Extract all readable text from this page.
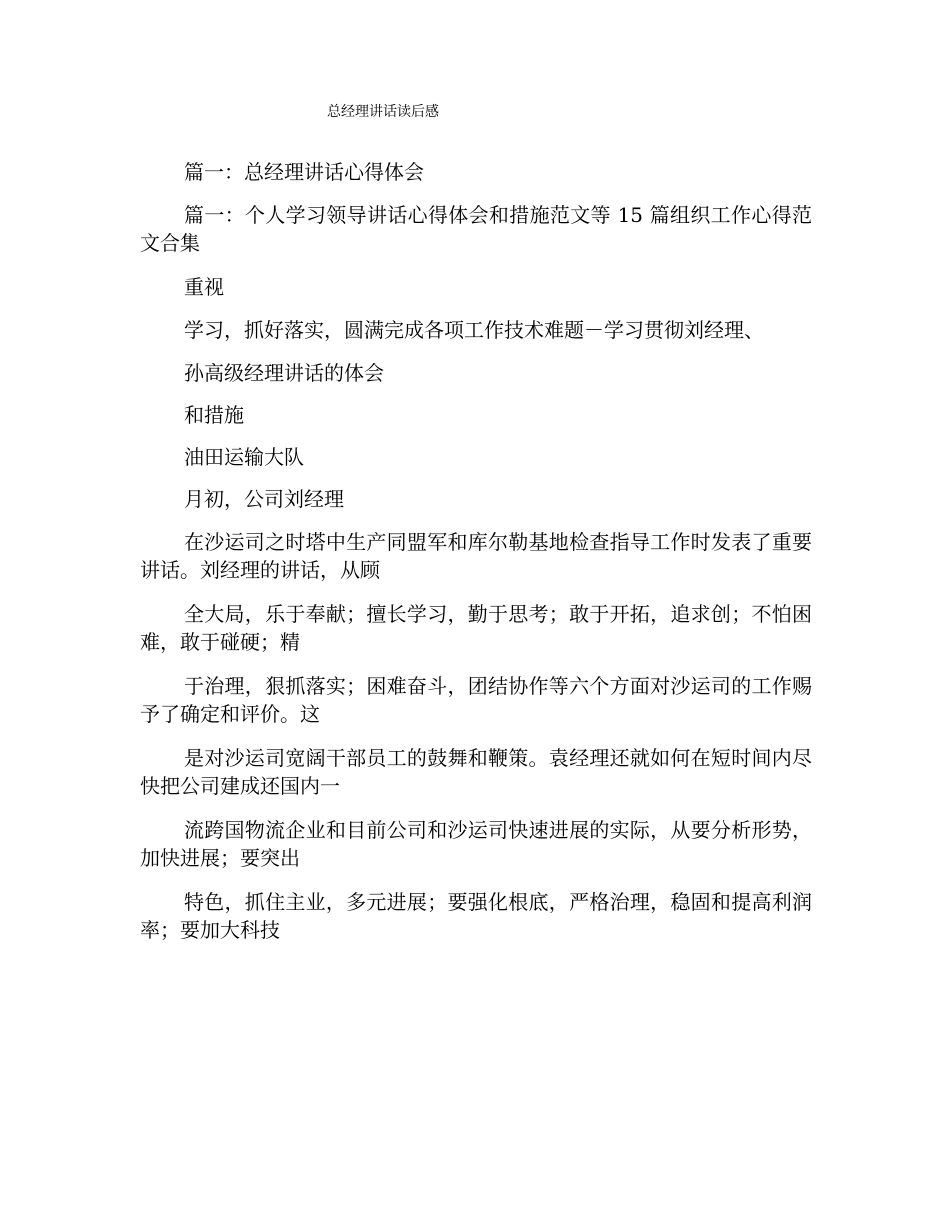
总经理讲话读后感

篇一：总经理讲话心得体会

篇一：个人学习领导讲话心得体会和措施范文等 15 篇组织工作心得范文合集

重视

学习，抓好落实，圆满完成各项工作技术难题－学习贯彻刘经理、

孙高级经理讲话的体会

和措施

油田运输大队

月初，公司刘经理

在沙运司之时塔中生产同盟军和库尔勒基地检查指导工作时发表了重要讲话。刘经理的讲话，从顾

全大局，乐于奉献；擅长学习，勤于思考；敢于开拓，追求创；不怕困难，敢于碰硬；精

于治理，狠抓落实；困难奋斗，团结协作等六个方面对沙运司的工作赐予了确定和评价。这

是对沙运司宽阔干部员工的鼓舞和鞭策。袁经理还就如何在短时间内尽快把公司建成还国内一

流跨国物流企业和目前公司和沙运司快速进展的实际，从要分析形势，加快进展；要突出

特色，抓住主业，多元进展；要强化根底，严格治理，稳固和提高利润率；要加大科技
